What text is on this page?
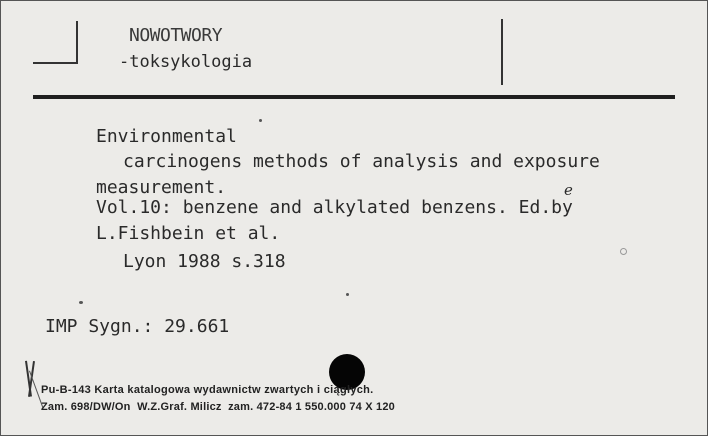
NOWOTWORY
-toksykologia
Environmental
carcinogens methods of analysis and exposure
measurement.	e
Vol.10: benzene and alkylated benzens. Ed.by
L.Fishbein et al.
Lyon 1988 s.318
IMP Sygn.: 29.661
Pu-B-143 Karta katalogowa wydawnictw zwartych i ciągłych.
Zam. 698/DW/On  W.Z.Graf. Milicz  zam. 472-84 1 550.000 74 X 120
